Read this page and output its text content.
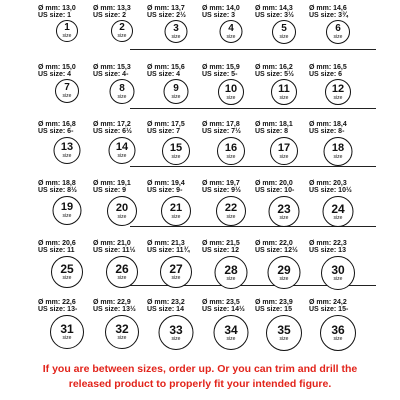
If you are between sizes, order up. Or you can trim and drill the
released product to properly fit your intended figure.
Ø mm: 13,0
US size: 1
1
size
Ø mm: 13,3
US size: 2
2
size
Ø mm: 13,7
US size: 2½
3
size
Ø mm: 14,0
US size: 3
4
size
Ø mm: 14,3
US size: 3½
5
size
Ø mm: 14,6
US size: 3¾
6
size
Ø mm: 15,0
US size: 4
7
size
Ø mm: 15,3
US size: 4-
8
size
Ø mm: 15,6
US size: 4
9
size
Ø mm: 15,9
US size: 5-
10
size
Ø mm: 16,2
US size: 5½
11
size
Ø mm: 16,5
US size: 6
12
size
Ø mm: 16,8
US size: 6-
13
size
Ø mm: 17,2
US size: 6½
14
size
Ø mm: 17,5
US size: 7
15
size
Ø mm: 17,8
US size: 7½
16
size
Ø mm: 18,1
US size: 8
17
size
Ø mm: 18,4
US size: 8-
18
size
Ø mm: 18,8
US size: 8½
19
size
Ø mm: 19,1
US size: 9
20
size
Ø mm: 19,4
US size: 9-
21
size
Ø mm: 19,7
US size: 9½
22
size
Ø mm: 20,0
US size: 10-
23
size
Ø mm: 20,3
US size: 10½
24
size
Ø mm: 20,6
US size: 11
25
size
Ø mm: 21,0
US size: 11½
26
size
Ø mm: 21,3
US size: 11¾
27
size
Ø mm: 21,5
US size: 12
28
size
Ø mm: 22,0
US size: 12½
29
size
Ø mm: 22,3
US size: 13
30
size
Ø mm: 22,6
US size: 13-
31
size
Ø mm: 22,9
US size: 13½
32
size
Ø mm: 23,2
US size: 14
33
size
Ø mm: 23,5
US size: 14½
34
size
Ø mm: 23,9
US size: 15
35
size
Ø mm: 24,2
US size: 15-
36
size
